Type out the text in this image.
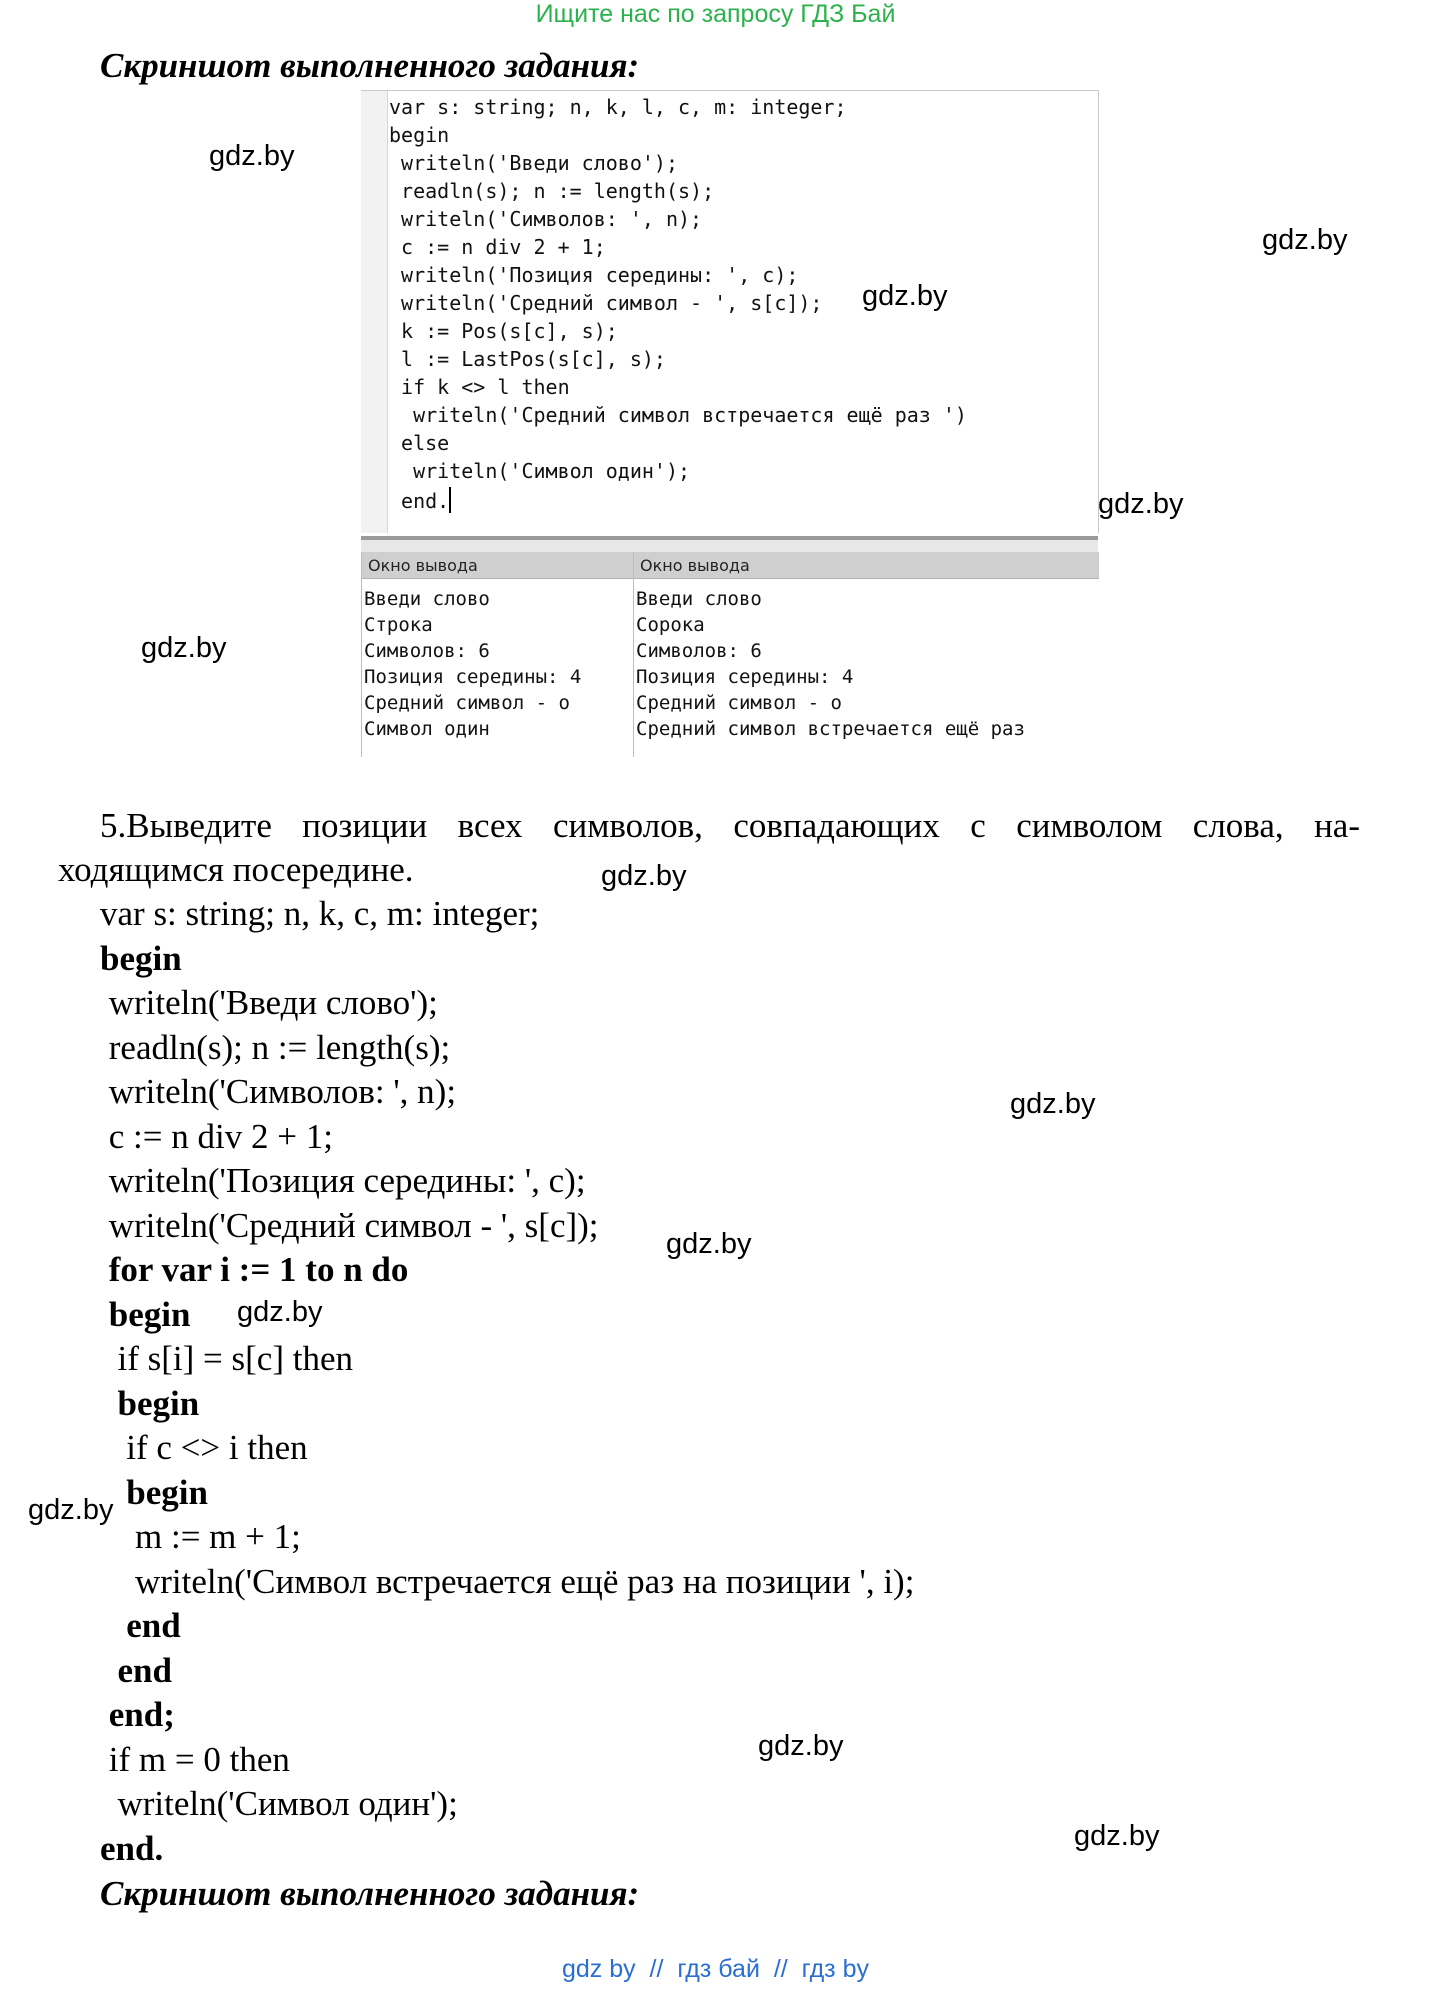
Ищите нас по запросу ГДЗ Бай
Скриншот выполненного задания:
var s: string; n, k, l, c, m: integer;
begin
writeln('Введи слово');
readln(s); n := length(s);
writeln('Символов: ', n);
c := n div 2 + 1;
writeln('Позиция середины: ', c);
writeln('Средний символ - ', s[c]);
k := Pos(s[c], s);
l := LastPos(s[c], s);
if k <> l then
writeln('Средний символ встречается ещё раз ')
else
writeln('Символ один');
end.
Окно вывода
Введи слово
Строка
Символов: 6
Позиция середины: 4
Средний символ - о
Символ один
Окно вывода
Введи слово
Сорока
Символов: 6
Позиция середины: 4
Средний символ - о
Средний символ встречается ещё раз
5.Выведите позиции всех символов, совпадающих с символом слова, на-
ходящимся посередине.
var s: string; n, k, c, m: integer;
begin
writeln('Введи слово');
readln(s); n := length(s);
writeln('Символов: ', n);
c := n div 2 + 1;
writeln('Позиция середины: ', c);
writeln('Средний символ - ', s[c]);
for var i := 1 to n do
begin
if s[i] = s[c] then
begin
if c <> i then
begin
m := m + 1;
writeln('Символ встречается ещё раз на позиции ', i);
end
end
end;
if m = 0 then
writeln('Символ один');
end.
Скриншот выполненного задания:
gdz.by
gdz.by
gdz.by
gdz.by
gdz.by
gdz.by
gdz.by
gdz.by
gdz.by
gdz.by
gdz.by
gdz.by
gdz by  //  гдз бай  //  гдз by
